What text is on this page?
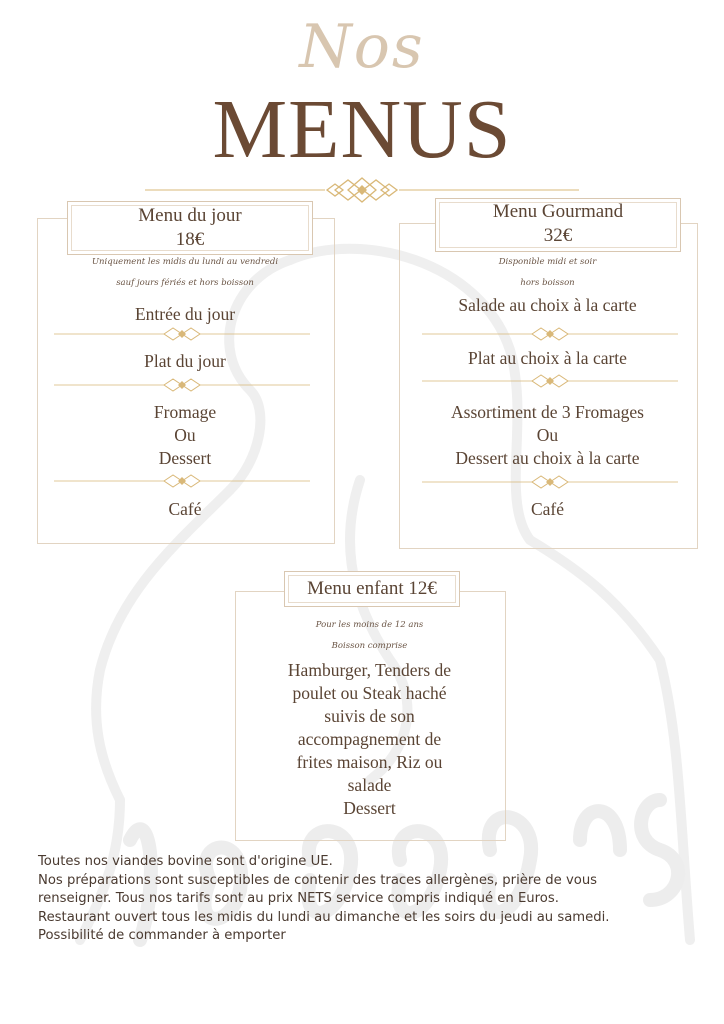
Nos
MENUS
Menu du jour
18€
Uniquement les midis du lundi au vendredi
sauf jours fériés et hors boisson
Entrée du jour
Plat du jour
Fromage
Ou
Dessert
Café
Menu Gourmand
32€
Disponible midi et soir
hors boisson
Salade au choix à la carte
Plat au choix à la carte
Assortiment de 3 Fromages
Ou
Dessert au choix à la carte
Café
Menu enfant 12€
Pour les moins de 12 ans
Boisson comprise
Hamburger, Tenders de
poulet ou Steak haché
suivis de son
accompagnement de
frites maison, Riz ou
salade
Dessert
Toutes nos viandes bovine sont d'origine UE.
Nos préparations sont susceptibles de contenir des traces allergènes, prière de vous
renseigner. Tous nos tarifs sont au prix NETS service compris indiqué en Euros.
Restaurant ouvert tous les midis du lundi au dimanche et les soirs du jeudi au samedi.
Possibilité de commander à emporter
